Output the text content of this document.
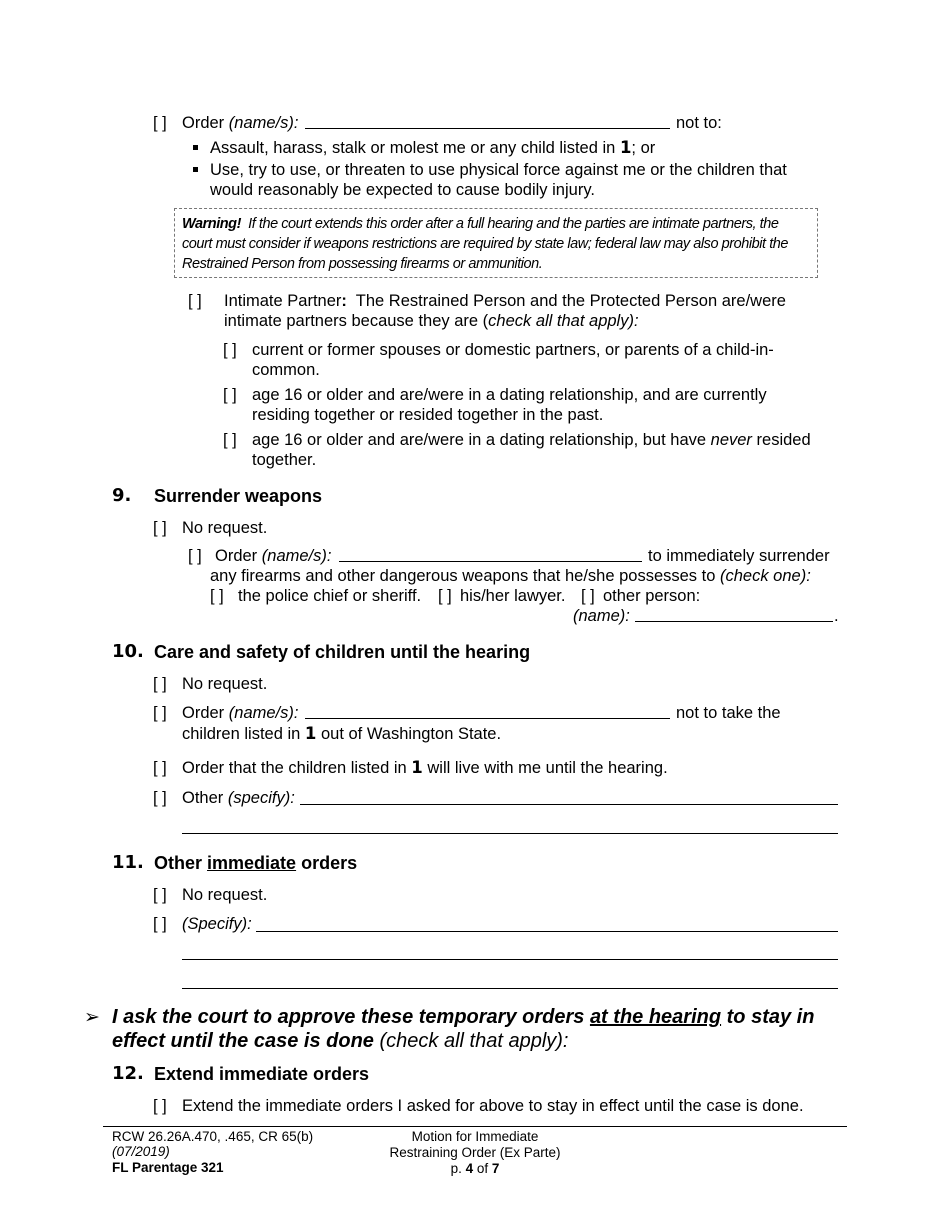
[ ] Order (name/s):	not to:
Assault, harass, stalk or molest me or any child listed in 1; or
Use, try to use, or threaten to use physical force against me or the children that
would reasonably be expected to cause bodily injury.
Warning! If the court extends this order after a full hearing and the parties are intimate partners, the
court must consider if weapons restrictions are required by state law; federal law may also prohibit the
Restrained Person from possessing firearms or ammunition.
[ ] Intimate Partner: The Restrained Person and the Protected Person are/were
intimate partners because they are (check all that apply):
[ ] current or former spouses or domestic partners, or parents of a child-in-
common.
[ ] age 16 or older and are/were in a dating relationship, and are currently
residing together or resided together in the past.
[ ] age 16 or older and are/were in a dating relationship, but have never resided
together.
9. Surrender weapons
[ ] No request.
[ ] Order (name/s):	to immediately surrender
any firearms and other dangerous weapons that he/she possesses to (check one):
[ ] the police chief or sheriff. [ ] his/her lawyer. [ ] other person:
(name):	.
10. Care and safety of children until the hearing
[ ] No request.
[ ] Order (name/s):	not to take the
children listed in 1 out of Washington State.
[ ] Order that the children listed in 1 will live with me until the hearing.
[ ] Other (specify):
11. Other immediate orders
[ ] No request.
[ ] (Specify):
➢ I ask the court to approve these temporary orders at the hearing to stay in
effect until the case is done (check all that apply):
12. Extend immediate orders
[ ] Extend the immediate orders I asked for above to stay in effect until the case is done.
RCW 26.26A.470, .465, CR 65(b)
(07/2019)
FL Parentage 321
Motion for Immediate
Restraining Order (Ex Parte)
p. 4 of 7
